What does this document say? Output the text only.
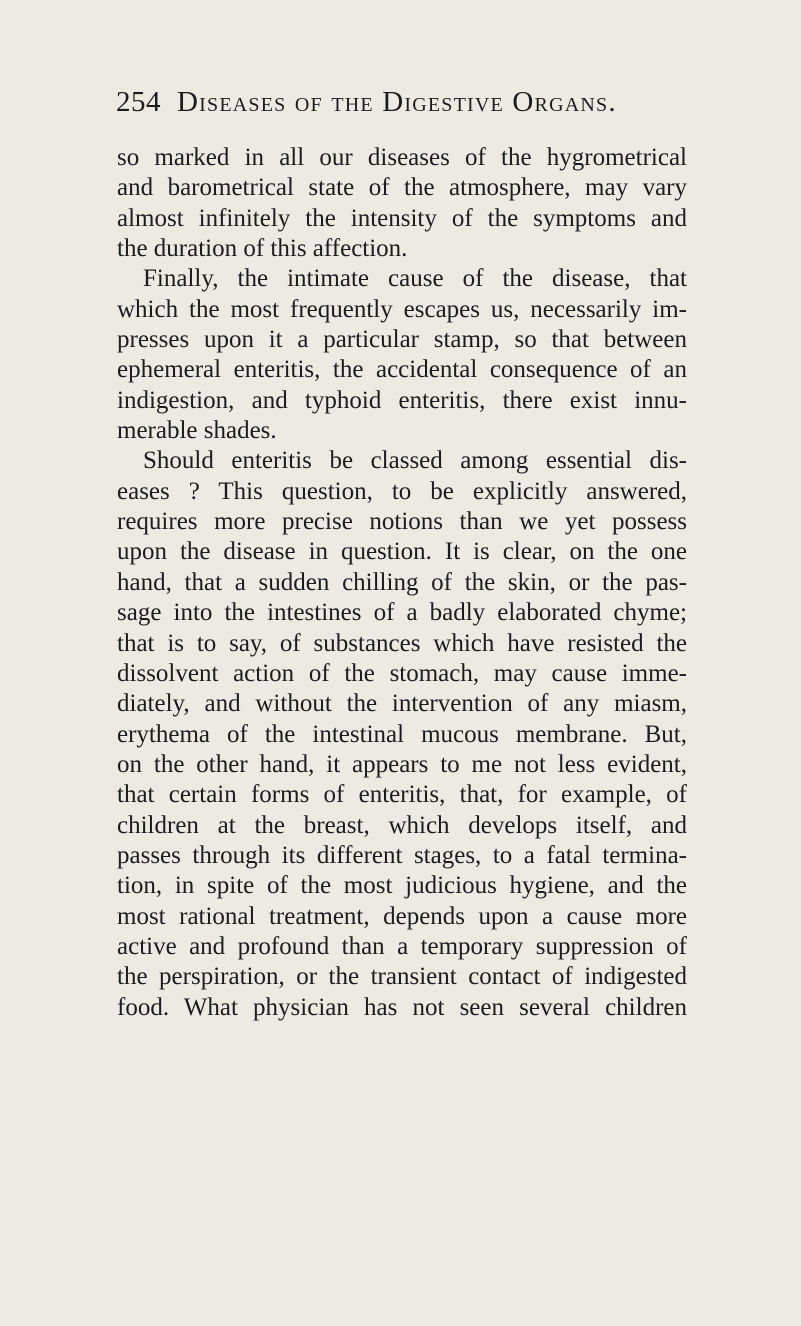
254 Diseases of the Digestive Organs.
so marked in all our diseases of the hygrometrical
and barometrical state of the atmosphere, may vary
almost infinitely the intensity of the symptoms and
the duration of this affection.
Finally, the intimate cause of the disease, that
which the most frequently escapes us, necessarily im-
presses upon it a particular stamp, so that between
ephemeral enteritis, the accidental consequence of an
indigestion, and typhoid enteritis, there exist innu-
merable shades.
Should enteritis be classed among essential dis-
eases ? This question, to be explicitly answered,
requires more precise notions than we yet possess
upon the disease in question. It is clear, on the one
hand, that a sudden chilling of the skin, or the pas-
sage into the intestines of a badly elaborated chyme;
that is to say, of substances which have resisted the
dissolvent action of the stomach, may cause imme-
diately, and without the intervention of any miasm,
erythema of the intestinal mucous membrane. But,
on the other hand, it appears to me not less evident,
that certain forms of enteritis, that, for example, of
children at the breast, which develops itself, and
passes through its different stages, to a fatal termina-
tion, in spite of the most judicious hygiene, and the
most rational treatment, depends upon a cause more
active and profound than a temporary suppression of
the perspiration, or the transient contact of indigested
food. What physician has not seen several children
